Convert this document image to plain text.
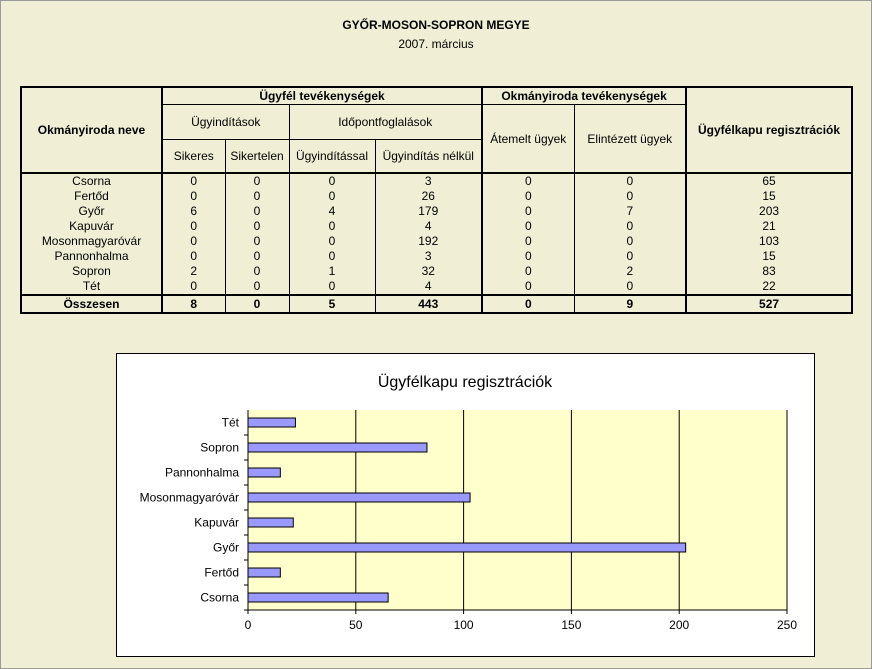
GYŐR-MOSON-SOPRON MEGYE
2007. március
Okmányiroda neve	Ügyfél tevékenységek				Okmányiroda tevékenységek		Ügyfélkapu regisztrációk
	Ügyindítások		Időpontfoglalások		Átemelt ügyek	Elintézett ügyek	
	Sikeres	Sikertelen	Ügyindítással	Ügyindítás nélkül			
Csorna	0	0	0	3	0	0	65
Fertőd	0	0	0	26	0	0	15
Győr	6	0	4	179	0	7	203
Kapuvár	0	0	0	4	0	0	21
Mosonmagyaróvár	0	0	0	192	0	0	103
Pannonhalma	0	0	0	3	0	0	15
Sopron	2	0	1	32	0	2	83
Tét	0	0	0	4	0	0	22
Összesen	8	0	5	443	0	9	527
Ügyfélkapu regisztrációk
0	50	100	150	200	250
Csorna
Fertőd
Győr
Kapuvár
Mosonmagyaróvár
Pannonhalma
Sopron
Tét
